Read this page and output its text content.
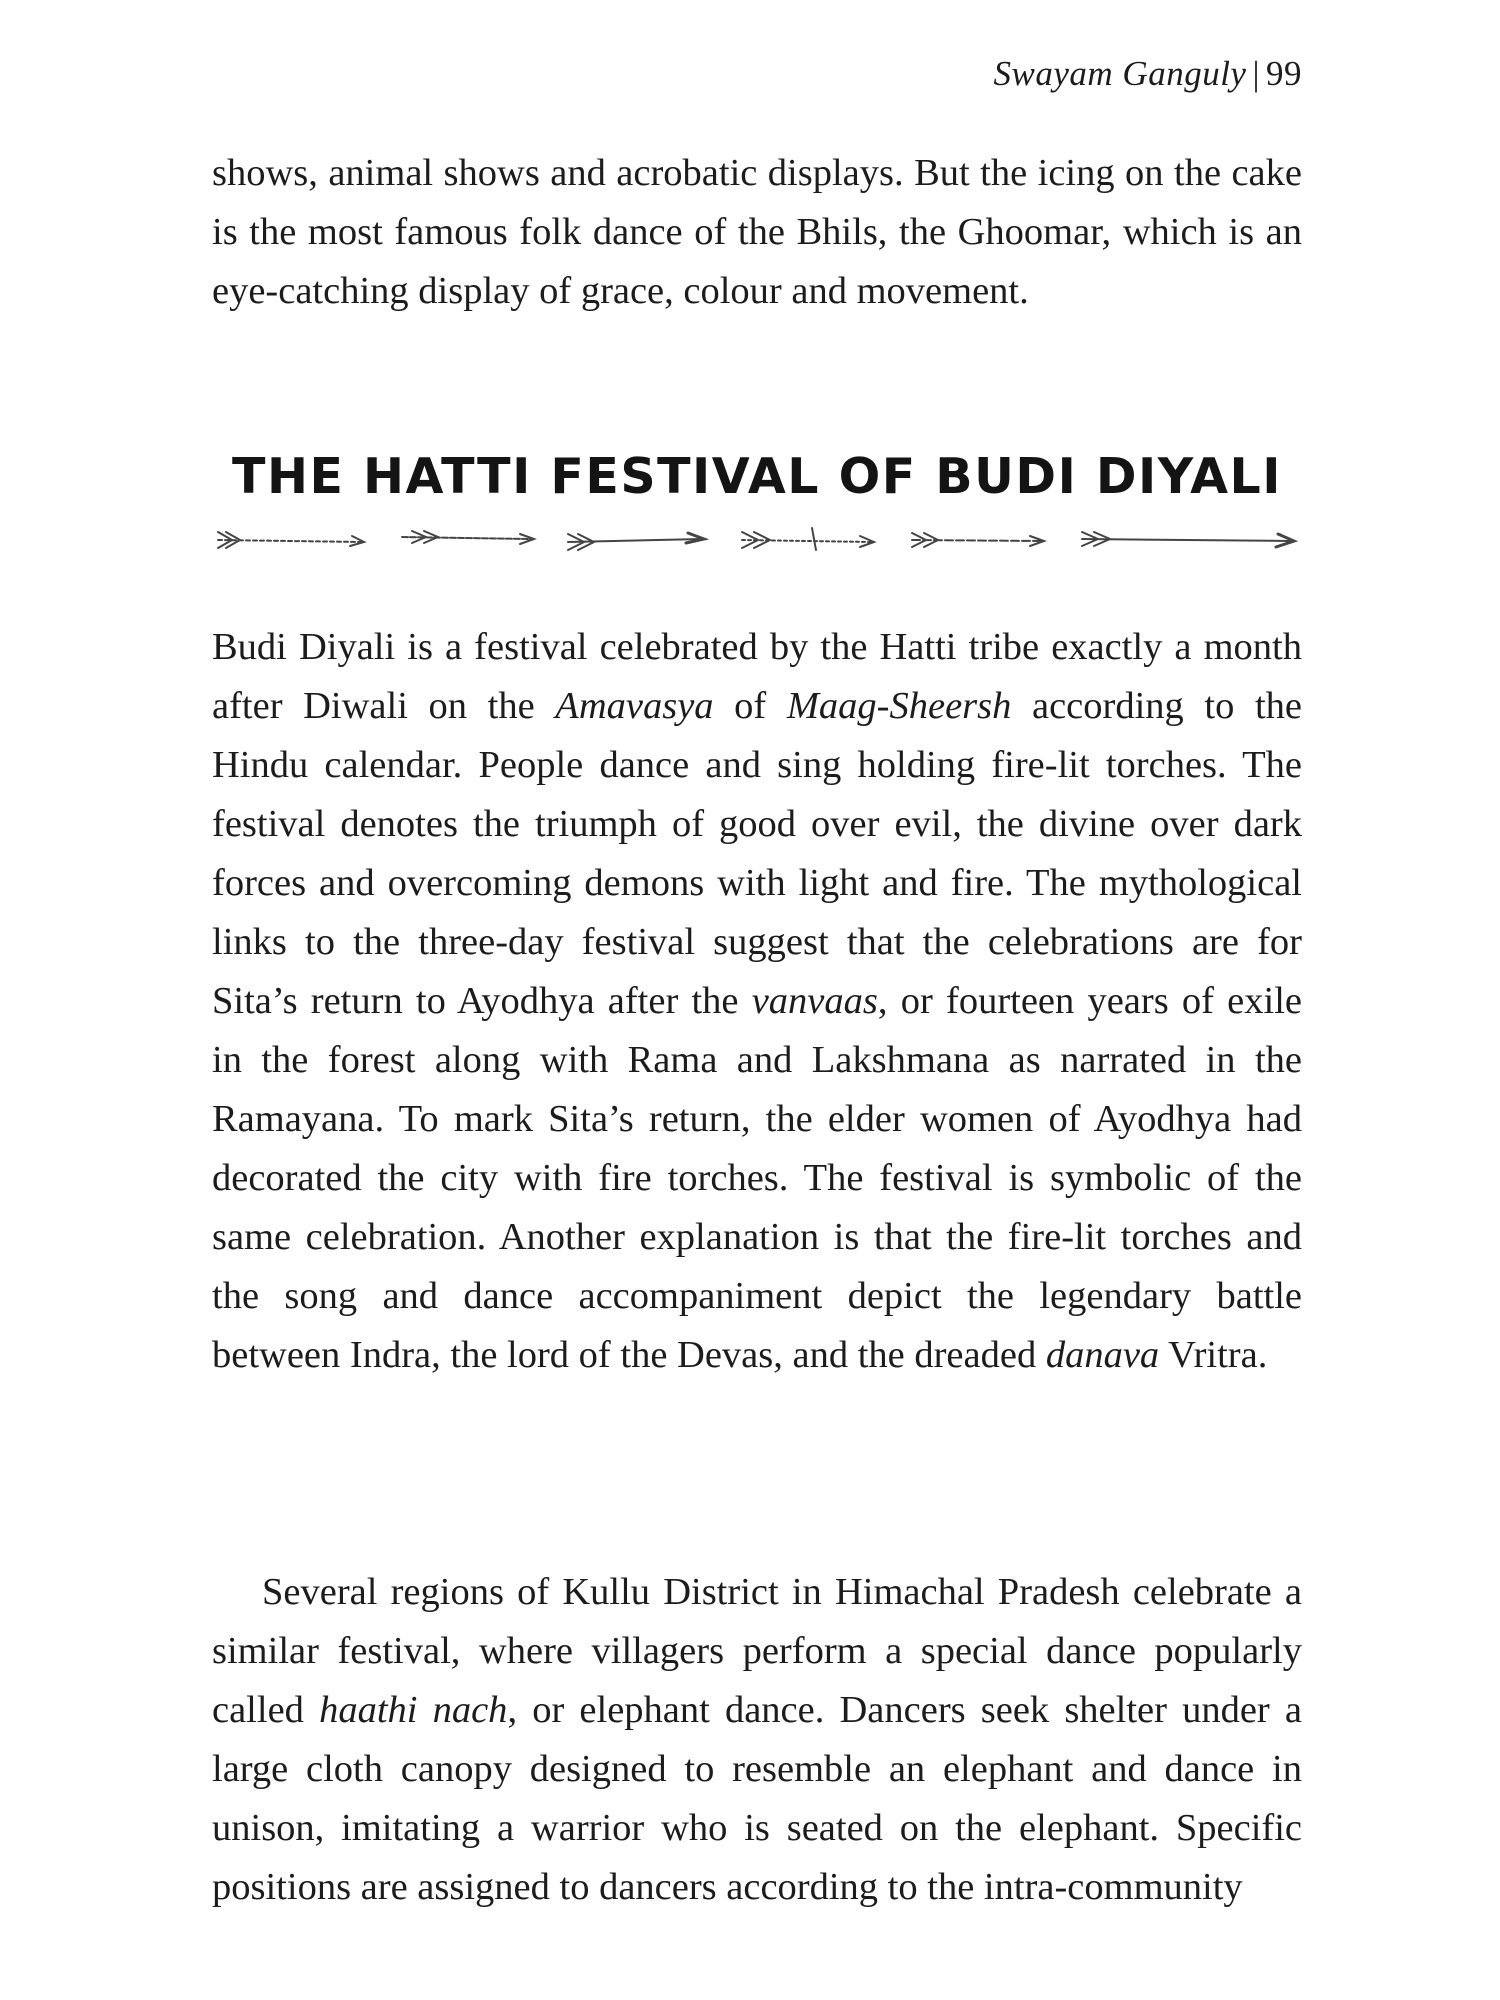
Swayam Ganguly | 99

shows, animal shows and acrobatic displays. But the icing on the cake is the most famous folk dance of the Bhils, the Ghoomar, which is an eye-catching display of grace, colour and movement.

THE HATTI FESTIVAL OF BUDI DIYALI

Budi Diyali is a festival celebrated by the Hatti tribe exactly a month after Diwali on the Amavasya of Maag-Sheersh according to the Hindu calendar. People dance and sing holding fire-lit torches. The festival denotes the triumph of good over evil, the divine over dark forces and overcoming demons with light and fire. The mythological links to the three-day festival suggest that the celebrations are for Sita’s return to Ayodhya after the vanvaas, or fourteen years of exile in the forest along with Rama and Lakshmana as narrated in the Ramayana. To mark Sita’s return, the elder women of Ayodhya had decorated the city with fire torches. The festival is symbolic of the same celebration. Another explanation is that the fire-lit torches and the song and dance accompaniment depict the legendary battle between Indra, the lord of the Devas, and the dreaded danava Vritra.

Several regions of Kullu District in Himachal Pradesh celebrate a similar festival, where villagers perform a special dance popularly called haathi nach, or elephant dance. Dancers seek shelter under a large cloth canopy designed to resemble an elephant and dance in unison, imitating a warrior who is seated on the elephant. Specific positions are assigned to dancers according to the intra-community
